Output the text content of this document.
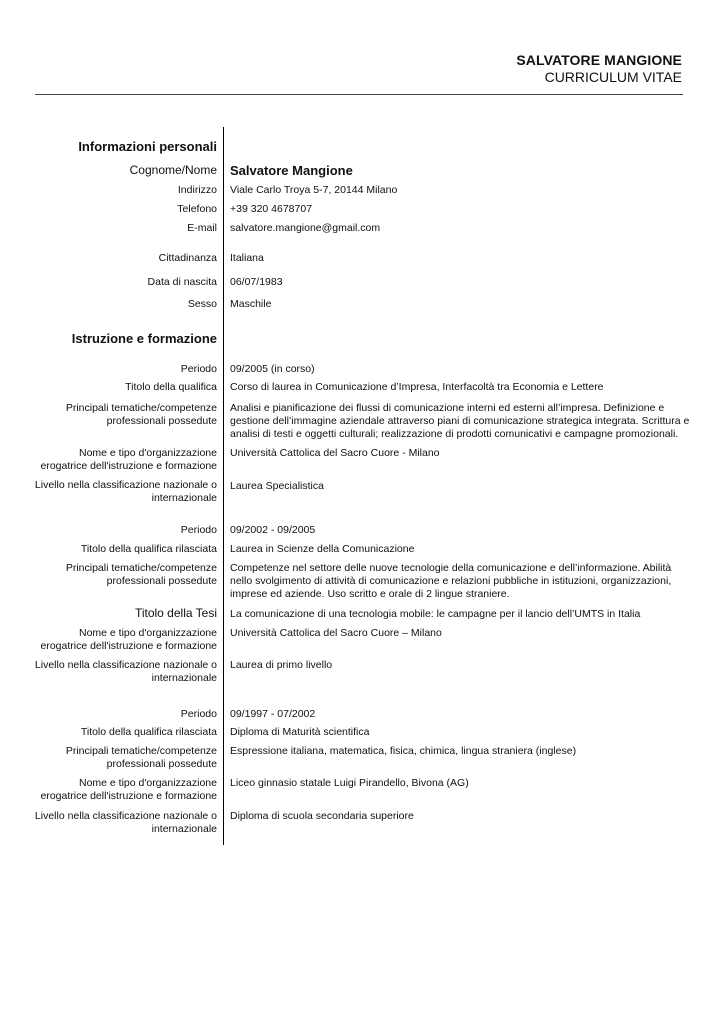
SALVATORE MANGIONE
CURRICULUM VITAE
Informazioni personali
Cognome/Nome Salvatore Mangione
Indirizzo Viale Carlo Troya 5-7, 20144 Milano
Telefono +39 320 4678707
E-mail salvatore.mangione@gmail.com
Cittadinanza Italiana
Data di nascita 06/07/1983
Sesso Maschile
Istruzione e formazione
Periodo 09/2005 (in corso)
Titolo della qualifica Corso di laurea in Comunicazione d’Impresa, Interfacoltà tra Economia e Lettere
Principali tematiche/competenze
professionali possedute
Analisi e pianificazione dei flussi di comunicazione interni ed esterni all’impresa. Definizione e gestione dell’immagine aziendale attraverso piani di comunicazione strategica integrata. Scrittura e analisi di testi e oggetti culturali; realizzazione di prodotti comunicativi e campagne promozionali.
Nome e tipo d'organizzazione
erogatrice dell'istruzione e formazione
Università Cattolica del Sacro Cuore - Milano
Livello nella classificazione nazionale o
internazionale
Laurea Specialistica
Periodo 09/2002 - 09/2005
Titolo della qualifica rilasciata Laurea in Scienze della Comunicazione
Principali tematiche/competenze
professionali possedute
Competenze nel settore delle nuove tecnologie della comunicazione e dell’informazione. Abilità nello svolgimento di attività di comunicazione e relazioni pubbliche in istituzioni, organizzazioni, imprese ed aziende. Uso scritto e orale di 2 lingue straniere.
Titolo della Tesi La comunicazione di una tecnologia mobile: le campagne per il lancio dell’UMTS in Italia
Nome e tipo d'organizzazione
erogatrice dell'istruzione e formazione
Università Cattolica del Sacro Cuore – Milano
Livello nella classificazione nazionale o
internazionale
Laurea di primo livello
Periodo 09/1997 - 07/2002
Titolo della qualifica rilasciata Diploma di Maturità scientifica
Principali tematiche/competenze
professionali possedute
Espressione italiana, matematica, fisica, chimica, lingua straniera (inglese)
Nome e tipo d'organizzazione
erogatrice dell'istruzione e formazione
Liceo ginnasio statale Luigi Pirandello, Bivona (AG)
Livello nella classificazione nazionale o
internazionale
Diploma di scuola secondaria superiore
